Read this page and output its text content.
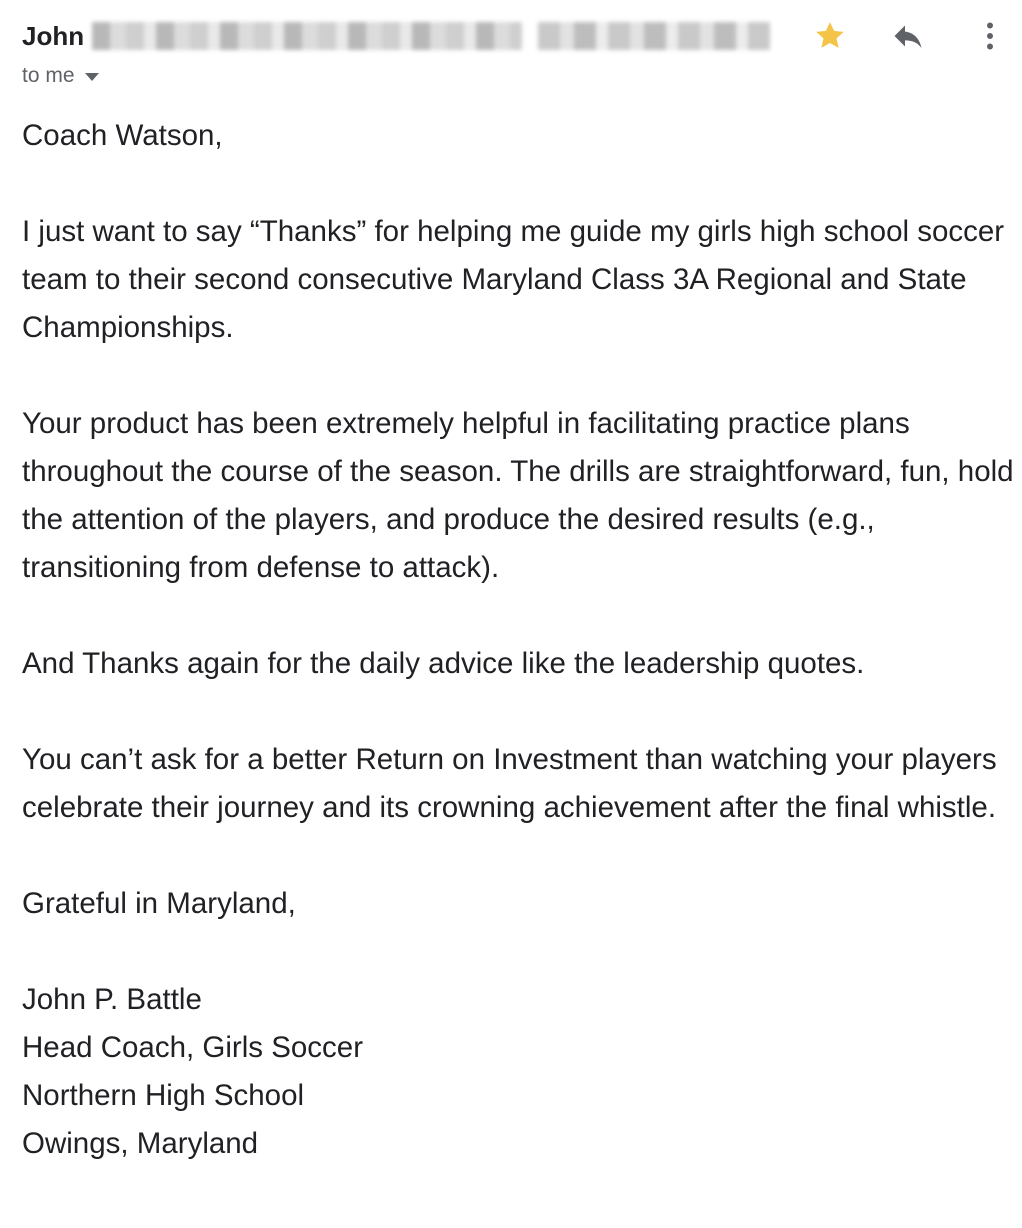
John
to me

Coach Watson,

I just want to say “Thanks” for helping me guide my girls high school soccer team to their second consecutive Maryland Class 3A Regional and State Championships.

Your product has been extremely helpful in facilitating practice plans throughout the course of the season. The drills are straightforward, fun, hold the attention of the players, and produce the desired results (e.g., transitioning from defense to attack).

And Thanks again for the daily advice like the leadership quotes.

You can’t ask for a better Return on Investment than watching your players celebrate their journey and its crowning achievement after the final whistle.

Grateful in Maryland,

John P. Battle
Head Coach, Girls Soccer
Northern High School
Owings, Maryland
